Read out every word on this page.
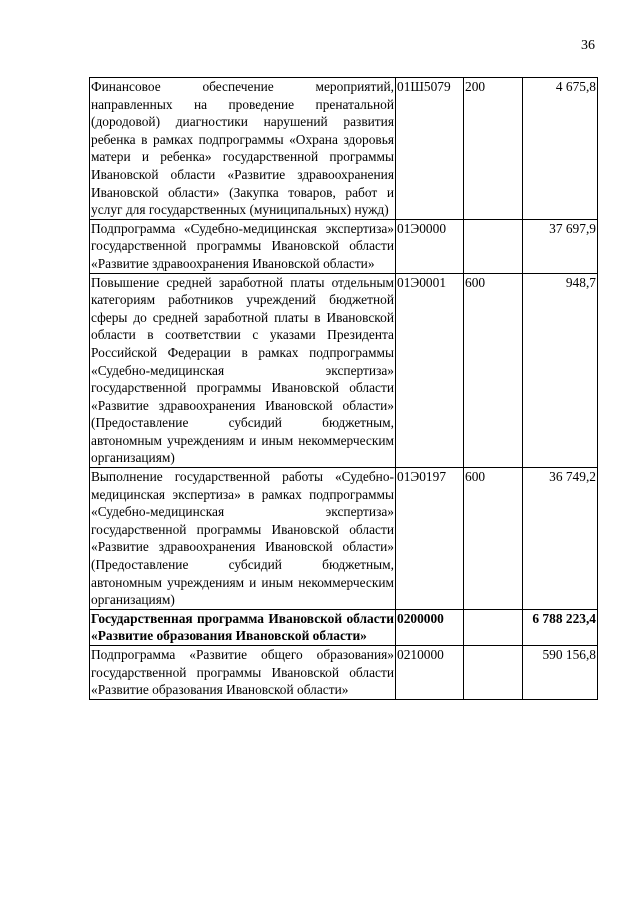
36
Финансовое обеспечение мероприятий, направленных на проведение пренатальной (дородовой) диагностики нарушений развития ребенка в рамках подпрограммы «Охрана здоровья матери и ребенка» государственной программы Ивановской области «Развитие здравоохранения Ивановской области» (Закупка товаров, работ и услуг для государственных (муниципальных) нужд)	01Ш5079	200	4 675,8
Подпрограмма «Судебно-медицинская экспертиза» государственной программы Ивановской области «Развитие здравоохранения Ивановской области»	01Э0000		37 697,9
Повышение средней заработной платы отдельным категориям работников учреждений бюджетной сферы до средней заработной платы в Ивановской области в соответствии с указами Президента Российской Федерации в рамках подпрограммы «Судебно-медицинская экспертиза» государственной программы Ивановской области «Развитие здравоохранения Ивановской области» (Предоставление субсидий бюджетным, автономным учреждениям и иным некоммерческим организациям)	01Э0001	600	948,7
Выполнение государственной работы «Судебно-медицинская экспертиза» в рамках подпрограммы «Судебно-медицинская экспертиза» государственной программы Ивановской области «Развитие здравоохранения Ивановской области» (Предоставление субсидий бюджетным, автономным учреждениям и иным некоммерческим организациям)	01Э0197	600	36 749,2
Государственная программа Ивановской области «Развитие образования Ивановской области»	0200000		6 788 223,4
Подпрограмма «Развитие общего образования» государственной программы Ивановской области «Развитие образования Ивановской области»	0210000		590 156,8
